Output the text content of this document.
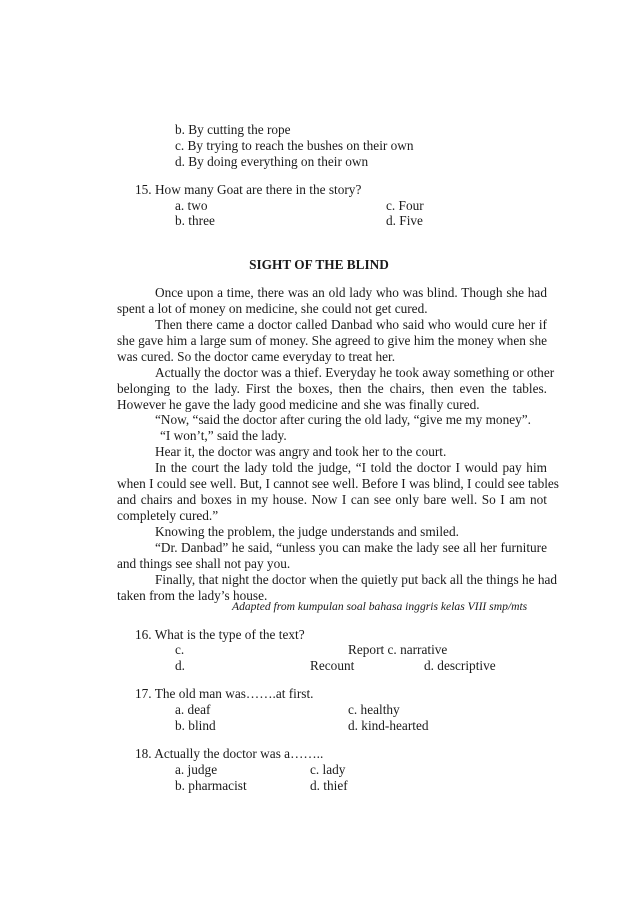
b. By cutting the rope
c. By trying to reach the bushes on their own
d. By doing everything on their own
15. How many Goat are there in the story?
a. two	c. Four
b. three	d. Five
SIGHT OF THE BLIND
Once upon a time, there was an old lady who was blind. Though she had
spent a lot of money on medicine, she could not get cured.
Then there came a doctor called Danbad who said who would cure her if
she gave him a large sum of money. She agreed to give him the money when she
was cured. So the doctor came everyday to treat her.
Actually the doctor was a thief. Everyday he took away something or other
belonging to the lady. First the boxes, then the chairs, then even the tables.
However he gave the lady good medicine and she was finally cured.
“Now, “said the doctor after curing the old lady, “give me my money”.
“I won’t,” said the lady.
Hear it, the doctor was angry and took her to the court.
In the court the lady told the judge, “I told the doctor I would pay him
when I could see well. But, I cannot see well. Before I was blind, I could see tables
and chairs and boxes in my house. Now I can see only bare well. So I am not
completely cured.”
Knowing the problem, the judge understands and smiled.
“Dr. Danbad” he said, “unless you can make the lady see all her furniture
and things see shall not pay you.
Finally, that night the doctor when the quietly put back all the things he had
taken from the lady’s house.
Adapted from kumpulan soal bahasa inggris kelas VIII smp/mts
16. What is the type of the text?
c.	Report c. narrative
d.	Recount	d. descriptive
17. The old man was…….at first.
a. deaf	c. healthy
b. blind	d. kind-hearted
18. Actually the doctor was a……..
a. judge	c. lady
b. pharmacist	d. thief
